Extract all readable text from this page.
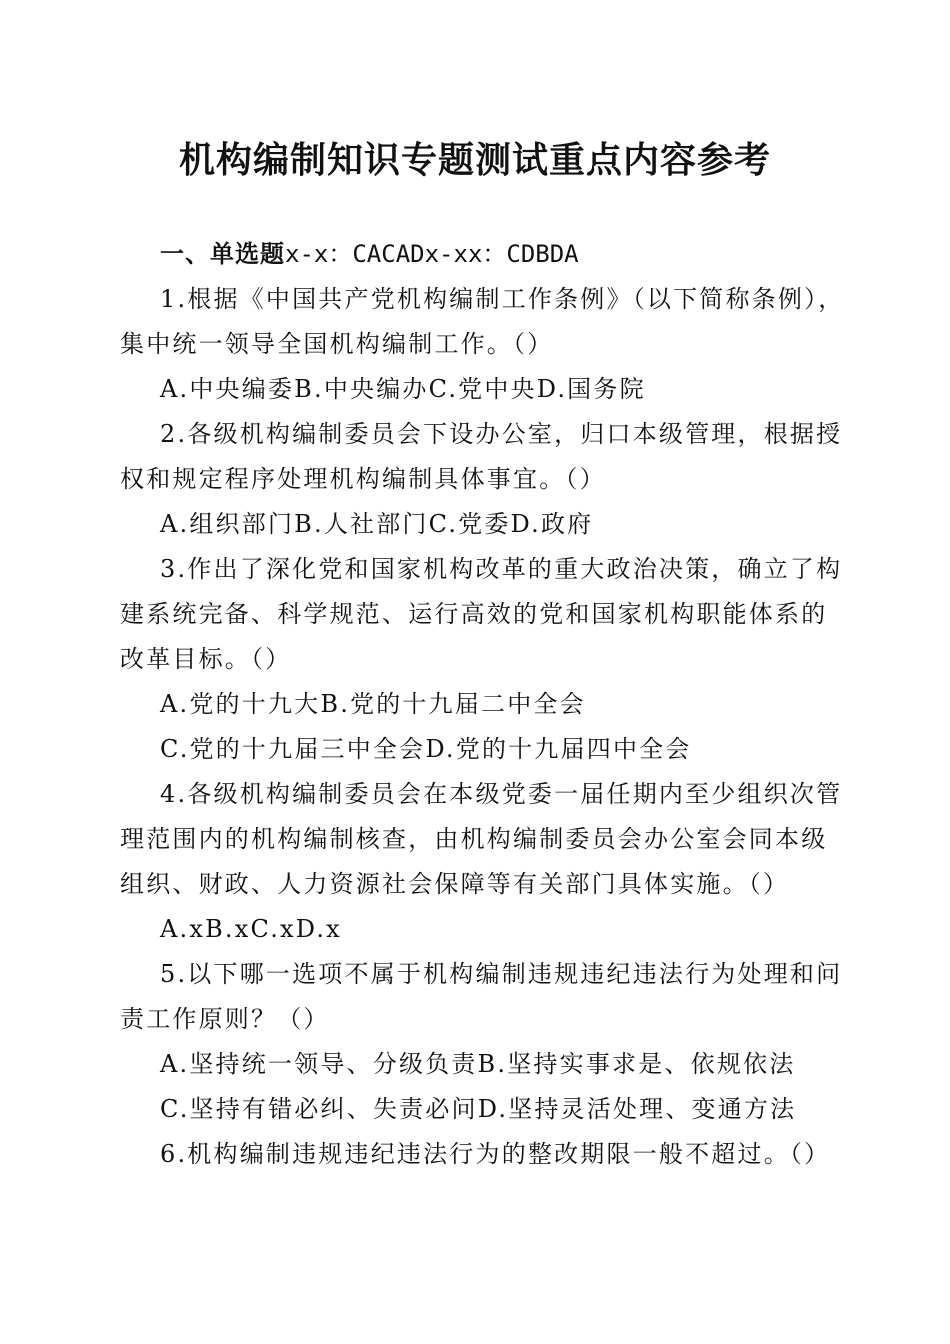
机构编制知识专题测试重点内容参考
一、单选题x-x：CACADx-xx：CDBDA
1.根据《中国共产党机构编制工作条例》（以下简称条例），
集中统一领导全国机构编制工作。（）
A.中央编委B.中央编办C.党中央D.国务院
2.各级机构编制委员会下设办公室，归口本级管理，根据授
权和规定程序处理机构编制具体事宜。（）
A.组织部门B.人社部门C.党委D.政府
3.作出了深化党和国家机构改革的重大政治决策，确立了构
建系统完备、科学规范、运行高效的党和国家机构职能体系的
改革目标。（）
A.党的十九大B.党的十九届二中全会
C.党的十九届三中全会D.党的十九届四中全会
4.各级机构编制委员会在本级党委一届任期内至少组织次管
理范围内的机构编制核查，由机构编制委员会办公室会同本级
组织、财政、人力资源社会保障等有关部门具体实施。（）
A.xB.xC.xD.x
5.以下哪一选项不属于机构编制违规违纪违法行为处理和问
责工作原则？（）
A.坚持统一领导、分级负责B.坚持实事求是、依规依法
C.坚持有错必纠、失责必问D.坚持灵活处理、变通方法
6.机构编制违规违纪违法行为的整改期限一般不超过。（）
